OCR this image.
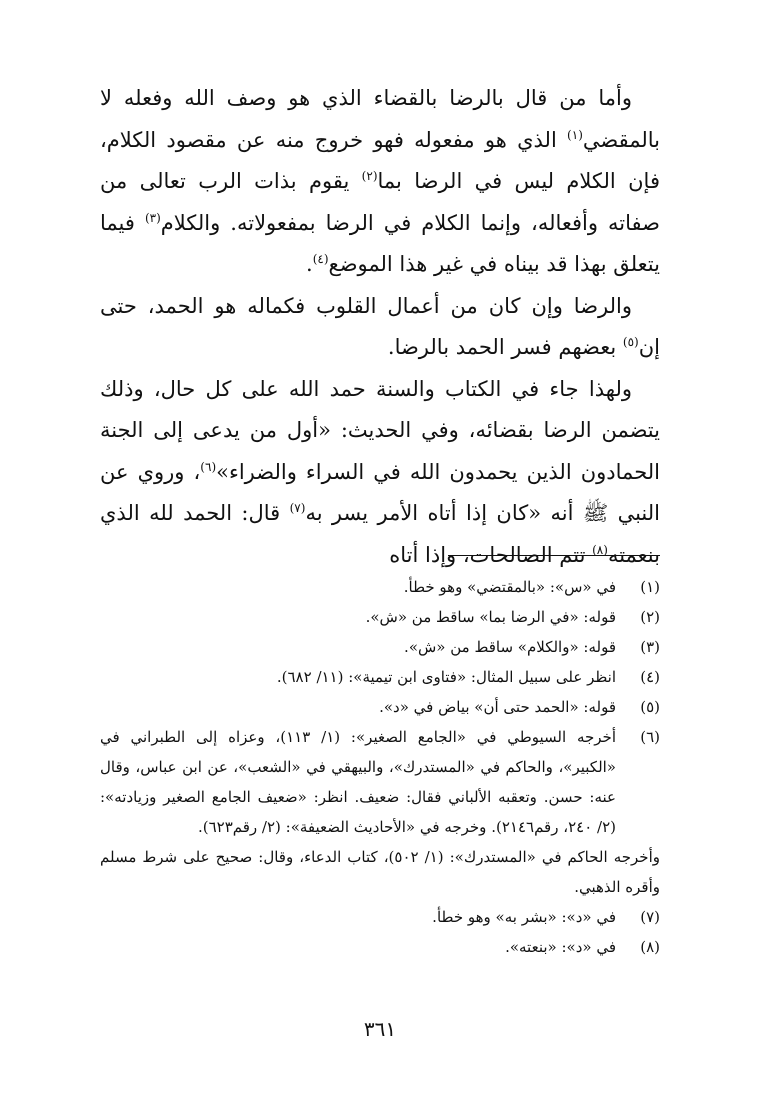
وأما من قال بالرضا بالقضاء الذي هو وصف الله وفعله لا بالمقضي$^{(١)}$ الذي هو مفعوله فهو خروج منه عن مقصود الكلام، فإن الكلام ليس في الرضا بما$^{(٢)}$ يقوم بذات الرب تعالى من صفاته وأفعاله، وإنما الكلام في الرضا بمفعولاته. والكلام$^{(٣)}$ فيما يتعلق بهذا قد بيناه في غير هذا الموضع$^{(٤)}$.

والرضا وإن كان من أعمال القلوب فكماله هو الحمد، حتى إن$^{(٥)}$ بعضهم فسر الحمد بالرضا.

ولهذا جاء في الكتاب والسنة حمد الله على كل حال، وذلك يتضمن الرضا بقضائه، وفي الحديث: «أول من يدعى إلى الجنة الحمادون الذين يحمدون الله في السراء والضراء»$^{(٦)}$، وروي عن النبي ﷺ أنه «كان إذا أتاه الأمر يسر به$^{(٧)}$ قال: الحمد لله الذي بنعمته$^{(٨)}$ تتم الصالحات، وإذا أتاه

(١)
في «س»: «بالمقتضي» وهو خطأ.
(٢)
قوله: «في الرضا بما» ساقط من «ش».
(٣)
قوله: «والكلام» ساقط من «ش».
(٤)
انظر على سبيل المثال: «فتاوى ابن تيمية»: (١١/ ٦٨٢).
(٥)
قوله: «الحمد حتى أن» بياض في «د».
(٦)
أخرجه السيوطي في «الجامع الصغير»: (١/ ١١٣)، وعزاه إلى الطبراني في «الكبير»، والحاكم في «المستدرك»، والبيهقي في «الشعب»، عن ابن عباس، وقال عنه: حسن. وتعقبه الألباني فقال: ضعيف. انظر: «ضعيف الجامع الصغير وزيادته»: (٢/ ٢٤٠، رقم٢١٤٦). وخرجه في «الأحاديث الضعيفة»: (٢/ رقم٦٢٣).

وأخرجه الحاكم في «المستدرك»: (١/ ٥٠٢)، كتاب الدعاء، وقال: صحيح على شرط مسلم وأقره الذهبي.

(٧)
في «د»: «بشر به» وهو خطأ.
(٨)
في «د»: «بنعته».
٣٦١
